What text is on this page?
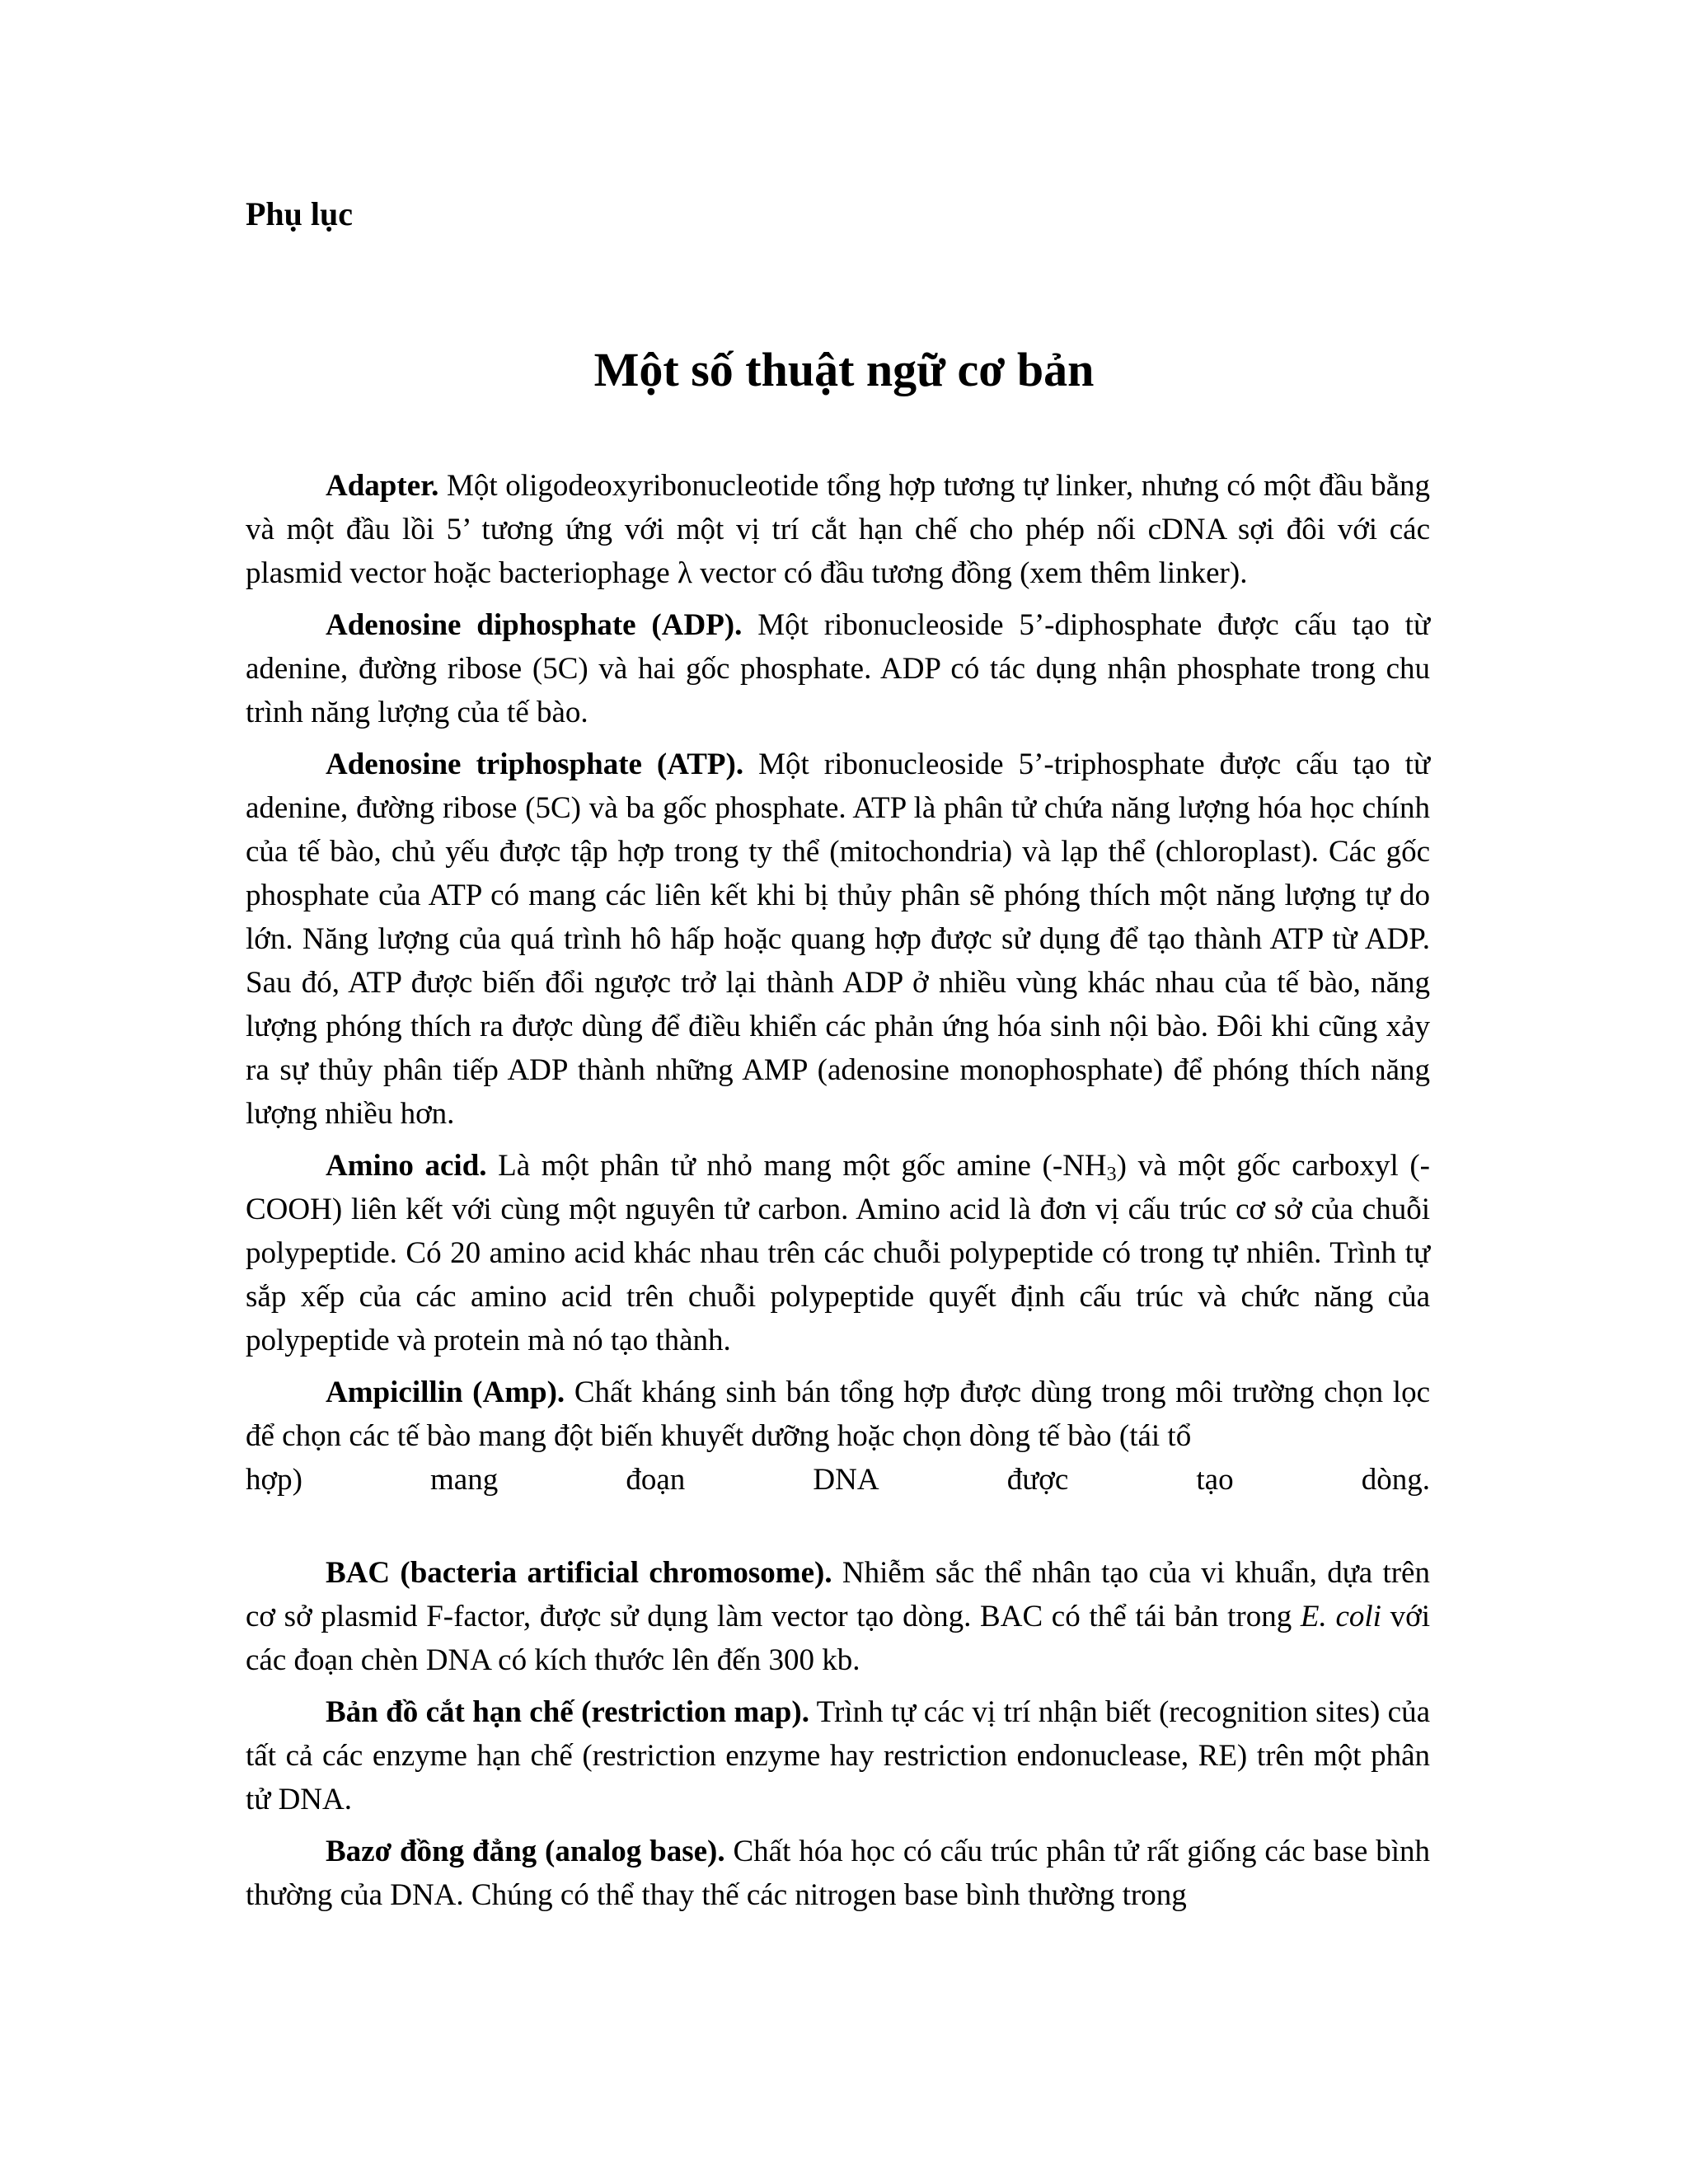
Phụ lục
Một số thuật ngữ cơ bản

Adapter. Một oligodeoxyribonucleotide tổng hợp tương tự linker, nhưng có một đầu bằng và một đầu lồi 5’ tương ứng với một vị trí cắt hạn chế cho phép nối cDNA sợi đôi với các plasmid vector hoặc bacteriophage λ vector có đầu tương đồng (xem thêm linker).

Adenosine diphosphate (ADP). Một ribonucleoside 5’-diphosphate được cấu tạo từ adenine, đường ribose (5C) và hai gốc phosphate. ADP có tác dụng nhận phosphate trong chu trình năng lượng của tế bào.

Adenosine triphosphate (ATP). Một ribonucleoside 5’-triphosphate được cấu tạo từ adenine, đường ribose (5C) và ba gốc phosphate. ATP là phân tử chứa năng lượng hóa học chính của tế bào, chủ yếu được tập hợp trong ty thể (mitochondria) và lạp thể (chloroplast). Các gốc phosphate của ATP có mang các liên kết khi bị thủy phân sẽ phóng thích một năng lượng tự do lớn. Năng lượng của quá trình hô hấp hoặc quang hợp được sử dụng để tạo thành ATP từ ADP. Sau đó, ATP được biến đổi ngược trở lại thành ADP ở nhiều vùng khác nhau của tế bào, năng lượng phóng thích ra được dùng để điều khiển các phản ứng hóa sinh nội bào. Đôi khi cũng xảy ra sự thủy phân tiếp ADP thành những AMP (adenosine monophosphate) để phóng thích năng lượng nhiều hơn.

Amino acid. Là một phân tử nhỏ mang một gốc amine $(-NH_3)$ và một gốc carboxyl (-COOH) liên kết với cùng một nguyên tử carbon. Amino acid là đơn vị cấu trúc cơ sở của chuỗi polypeptide. Có 20 amino acid khác nhau trên các chuỗi polypeptide có trong tự nhiên. Trình tự sắp xếp của các amino acid trên chuỗi polypeptide quyết định cấu trúc và chức năng của polypeptide và protein mà nó tạo thành.

Ampicillin (Amp). Chất kháng sinh bán tổng hợp được dùng trong môi trường chọn lọc để chọn các tế bào mang đột biến khuyết dưỡng hoặc chọn dòng tế bào (tái tổ
hợp)	mang	đoạn	DNA	được	tạo	dòng.

BAC (bacteria artificial chromosome). Nhiễm sắc thể nhân tạo của vi khuẩn, dựa trên cơ sở plasmid F-factor, được sử dụng làm vector tạo dòng. BAC có thể tái bản trong E. coli với các đoạn chèn DNA có kích thước lên đến 300 kb.

Bản đồ cắt hạn chế (restriction map). Trình tự các vị trí nhận biết (recognition sites) của tất cả các enzyme hạn chế (restriction enzyme hay restriction endonuclease, RE) trên một phân tử DNA.

Bazơ đồng đẳng (analog base). Chất hóa học có cấu trúc phân tử rất giống các base bình thường của DNA. Chúng có thể thay thế các nitrogen base bình thường trong
